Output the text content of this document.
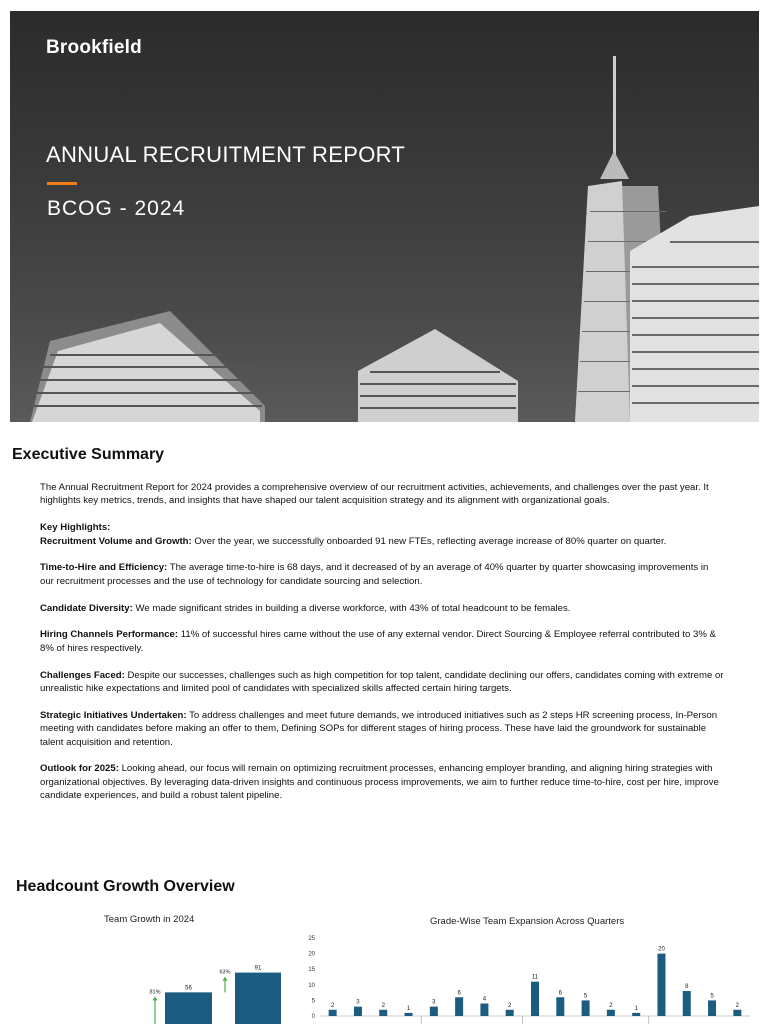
Brookfield
ANNUAL RECRUITMENT REPORT
BCOG - 2024
Executive Summary

The Annual Recruitment Report for 2024 provides a comprehensive overview of our recruitment activities, achievements, and challenges over the past year. It highlights key metrics, trends, and insights that have shaped our talent acquisition strategy and its alignment with organizational goals.

Key Highlights:

Recruitment Volume and Growth: Over the year, we successfully onboarded 91 new FTEs, reflecting average increase of 80% quarter on quarter.

Time-to-Hire and Efficiency: The average time-to-hire is 68 days, and it decreased of by an average of 40% quarter by quarter showcasing improvements in our recruitment processes and the use of technology for candidate sourcing and selection.

Candidate Diversity: We made significant strides in building a diverse workforce, with 43% of total headcount to be females.

Hiring Channels Performance: 11% of successful hires came without the use of any external vendor. Direct Sourcing & Employee referral contributed to 3% & 8% of hires respectively.

Challenges Faced: Despite our successes, challenges such as high competition for top talent, candidate declining our offers, candidates coming with extreme or unrealistic hike expectations and limited pool of candidates with specialized skills affected certain hiring targets.

Strategic Initiatives Undertaken: To address challenges and meet future demands, we introduced initiatives such as 2 steps HR screening process, In-Person meeting with candidates before making an offer to them, Defining SOPs for different stages of hiring process. These have laid the groundwork for sustainable talent acquisition and retention.

Outlook for 2025: Looking ahead, our focus will remain on optimizing recruitment processes, enhancing employer branding, and aligning hiring strategies with organizational objectives. By leveraging data-driven insights and continuous process improvements, we aim to further reduce time-to-hire, cost per hire, improve candidate experiences, and build a robust talent pipeline.

Headcount Growth Overview
Team Growth in 2024
56
81%
91
63%
Grade-Wise Team Expansion Across Quarters
0
5
10
15
20
25
2
3
2
1
3
6
4
2
11
6
5
2
1
20
8
5
2
